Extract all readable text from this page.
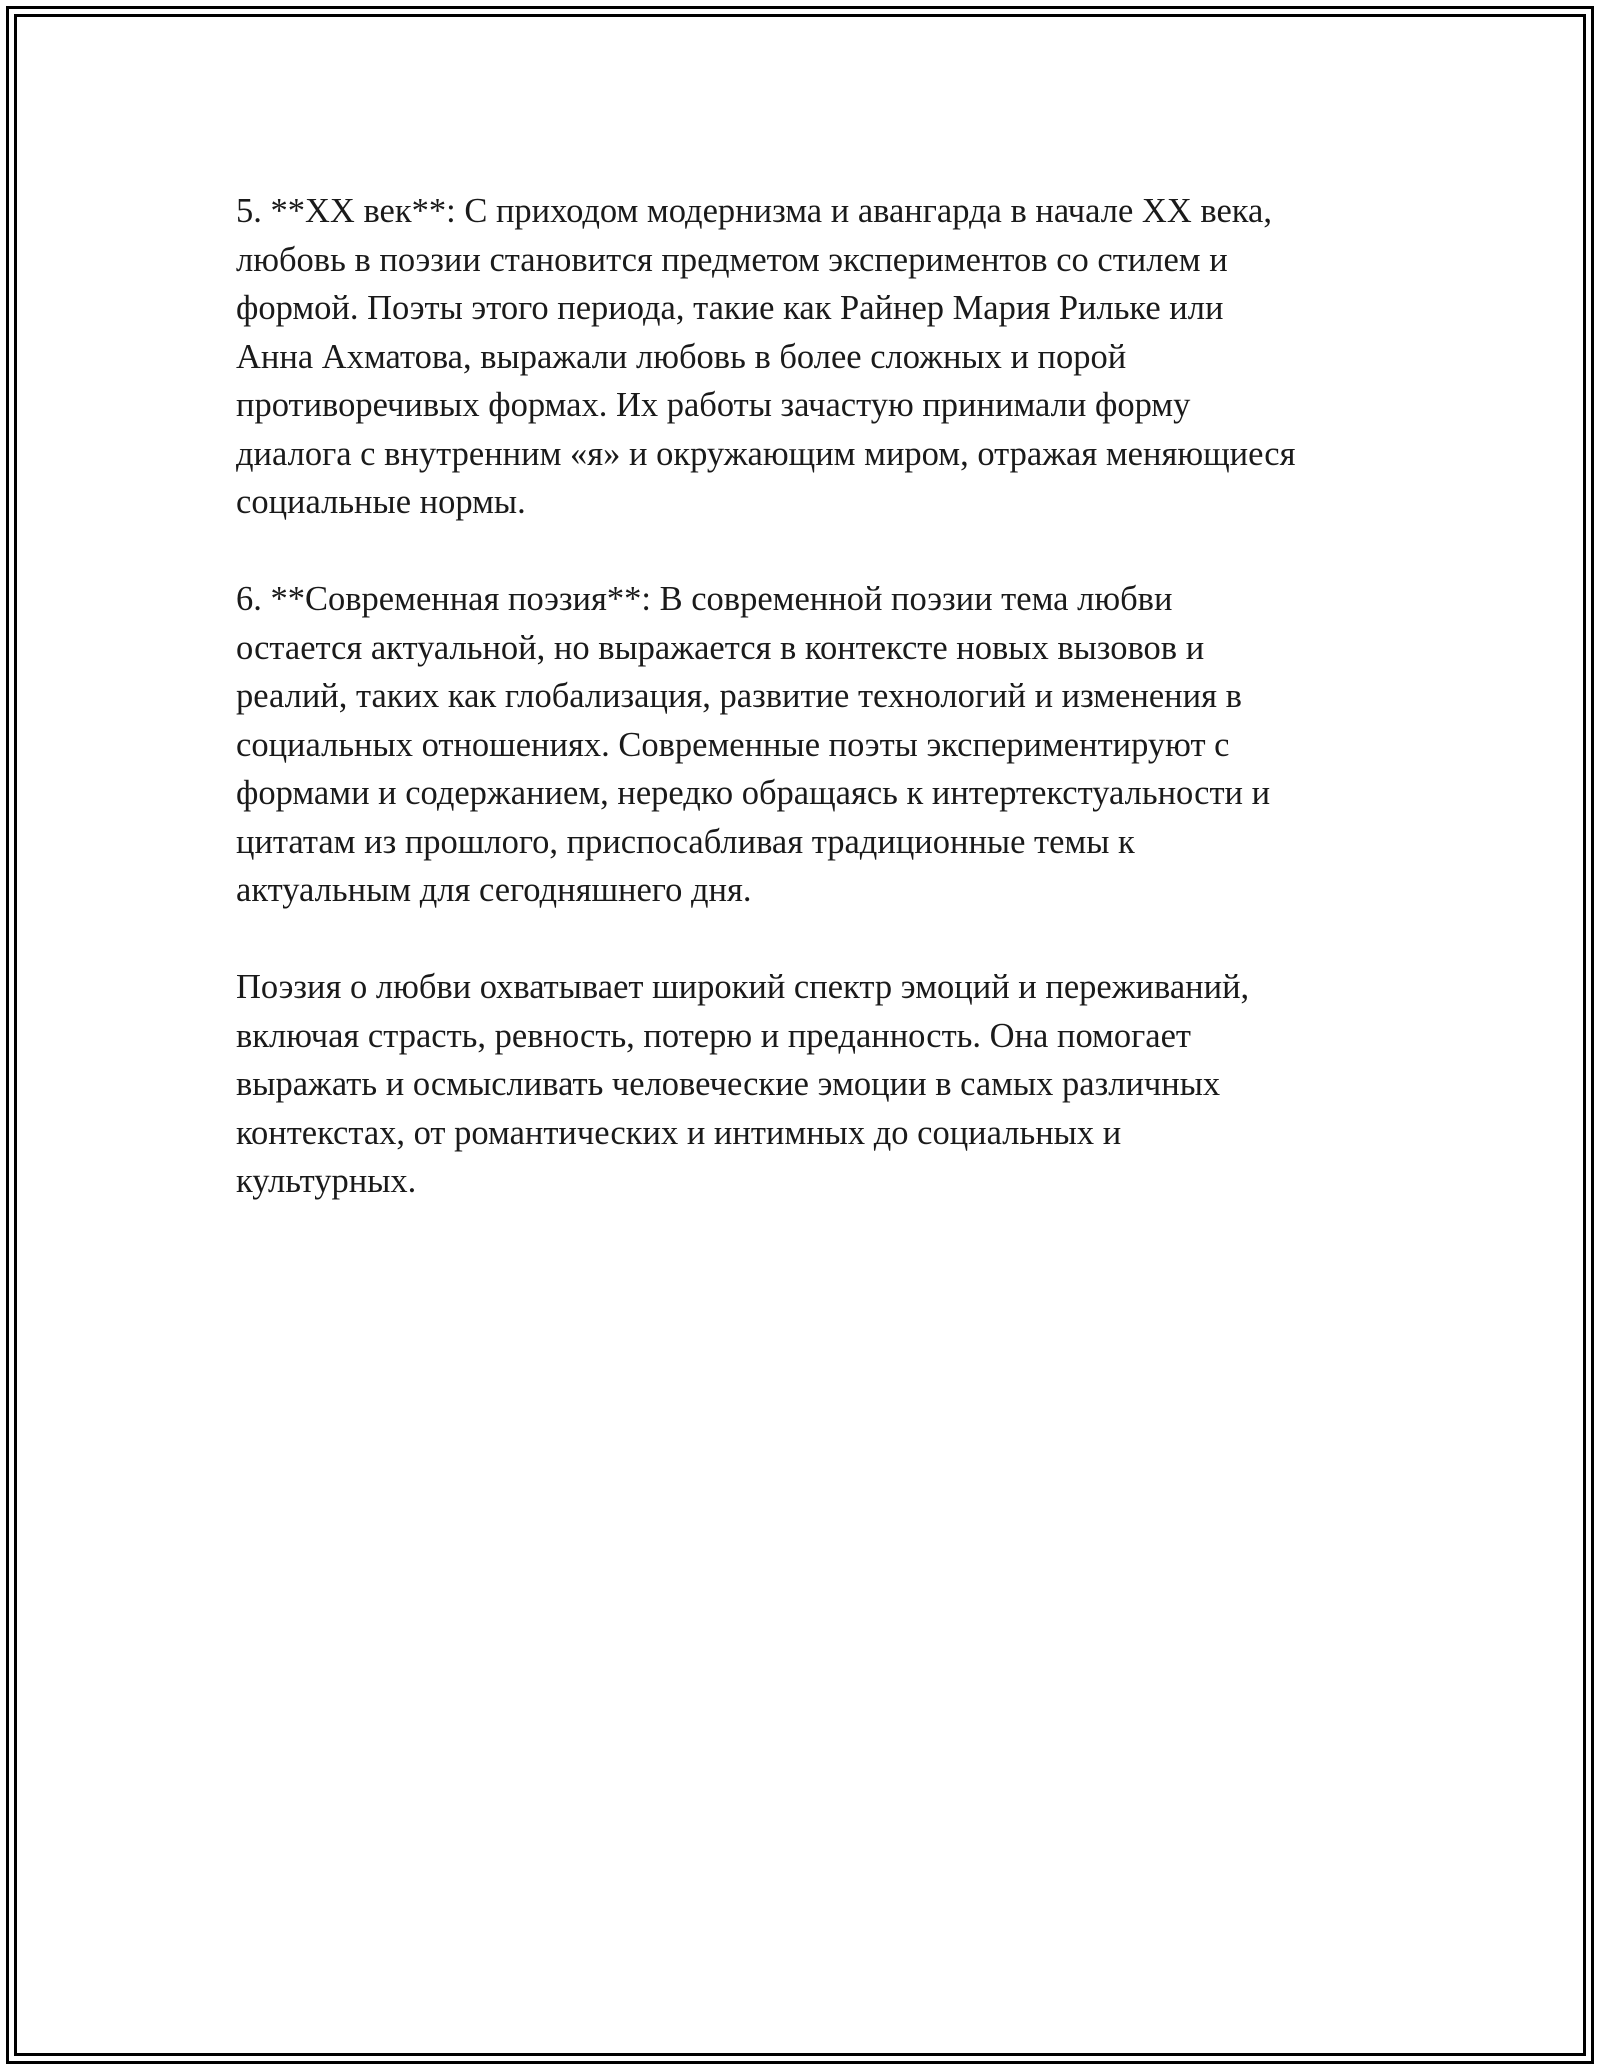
5. **XX век**: С приходом модернизма и авангарда в начале XX века,
любовь в поэзии становится предметом экспериментов со стилем и
формой. Поэты этого периода, такие как Райнер Мария Рильке или
Анна Ахматова, выражали любовь в более сложных и порой
противоречивых формах. Их работы зачастую принимали форму
диалога с внутренним «я» и окружающим миром, отражая меняющиеся
социальные нормы.

6. **Современная поэзия**: В современной поэзии тема любви
остается актуальной, но выражается в контексте новых вызовов и
реалий, таких как глобализация, развитие технологий и изменения в
социальных отношениях. Современные поэты экспериментируют с
формами и содержанием, нередко обращаясь к интертекстуальности и
цитатам из прошлого, приспосабливая традиционные темы к
актуальным для сегодняшнего дня.

Поэзия о любви охватывает широкий спектр эмоций и переживаний,
включая страсть, ревность, потерю и преданность. Она помогает
выражать и осмысливать человеческие эмоции в самых различных
контекстах, от романтических и интимных до социальных и
культурных.
